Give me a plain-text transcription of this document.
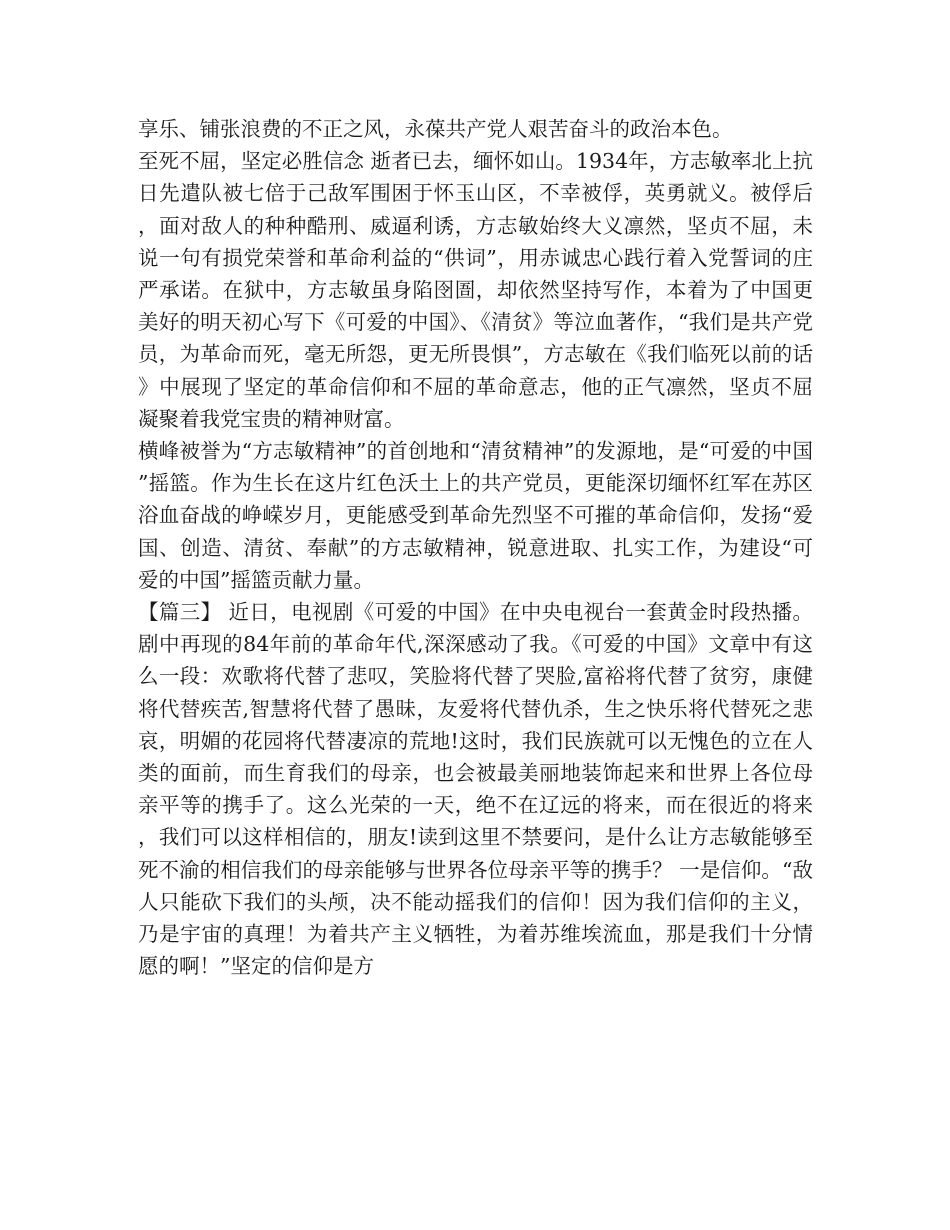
享乐、铺张浪费的不正之风，永葆共产党人艰苦奋斗的政治本色。

至死不屈，坚定必胜信念 逝者已去，缅怀如山。1934年，方志敏率北上抗日先遣队被七倍于己敌军围困于怀玉山区，不幸被俘，英勇就义。被俘后，面对敌人的种种酷刑、威逼利诱，方志敏始终大义凛然，坚贞不屈，未说一句有损党荣誉和革命利益的“供词”，用赤诚忠心践行着入党誓词的庄严承诺。在狱中，方志敏虽身陷囹圄，却依然坚持写作，本着为了中国更美好的明天初心写下《可爱的中国》、《清贫》等泣血著作，“我们是共产党员，为革命而死，毫无所怨，更无所畏惧”，方志敏在《我们临死以前的话》中展现了坚定的革命信仰和不屈的革命意志，他的正气凛然，坚贞不屈凝聚着我党宝贵的精神财富。

横峰被誉为“方志敏精神”的首创地和“清贫精神”的发源地，是“可爱的中国”摇篮。作为生长在这片红色沃土上的共产党员，更能深切缅怀红军在苏区浴血奋战的峥嵘岁月，更能感受到革命先烈坚不可摧的革命信仰，发扬“爱国、创造、清贫、奉献”的方志敏精神，锐意进取、扎实工作，为建设“可爱的中国”摇篮贡献力量。

【篇三】 近日，电视剧《可爱的中国》在中央电视台一套黄金时段热播。剧中再现的84年前的革命年代,深深感动了我。《可爱的中国》文章中有这么一段：欢歌将代替了悲叹，笑脸将代替了哭脸,富裕将代替了贫穷，康健将代替疾苦,智慧将代替了愚昧，友爱将代替仇杀，生之快乐将代替死之悲哀，明媚的花园将代替凄凉的荒地!这时，我们民族就可以无愧色的立在人类的面前，而生育我们的母亲，也会被最美丽地装饰起来和世界上各位母亲平等的携手了。这么光荣的一天，绝不在辽远的将来，而在很近的将来，我们可以这样相信的，朋友!读到这里不禁要问，是什么让方志敏能够至死不渝的相信我们的母亲能够与世界各位母亲平等的携手？ 一是信仰。“敌人只能砍下我们的头颅，决不能动摇我们的信仰！因为我们信仰的主义，乃是宇宙的真理！为着共产主义牺牲，为着苏维埃流血，那是我们十分情愿的啊！”坚定的信仰是方
